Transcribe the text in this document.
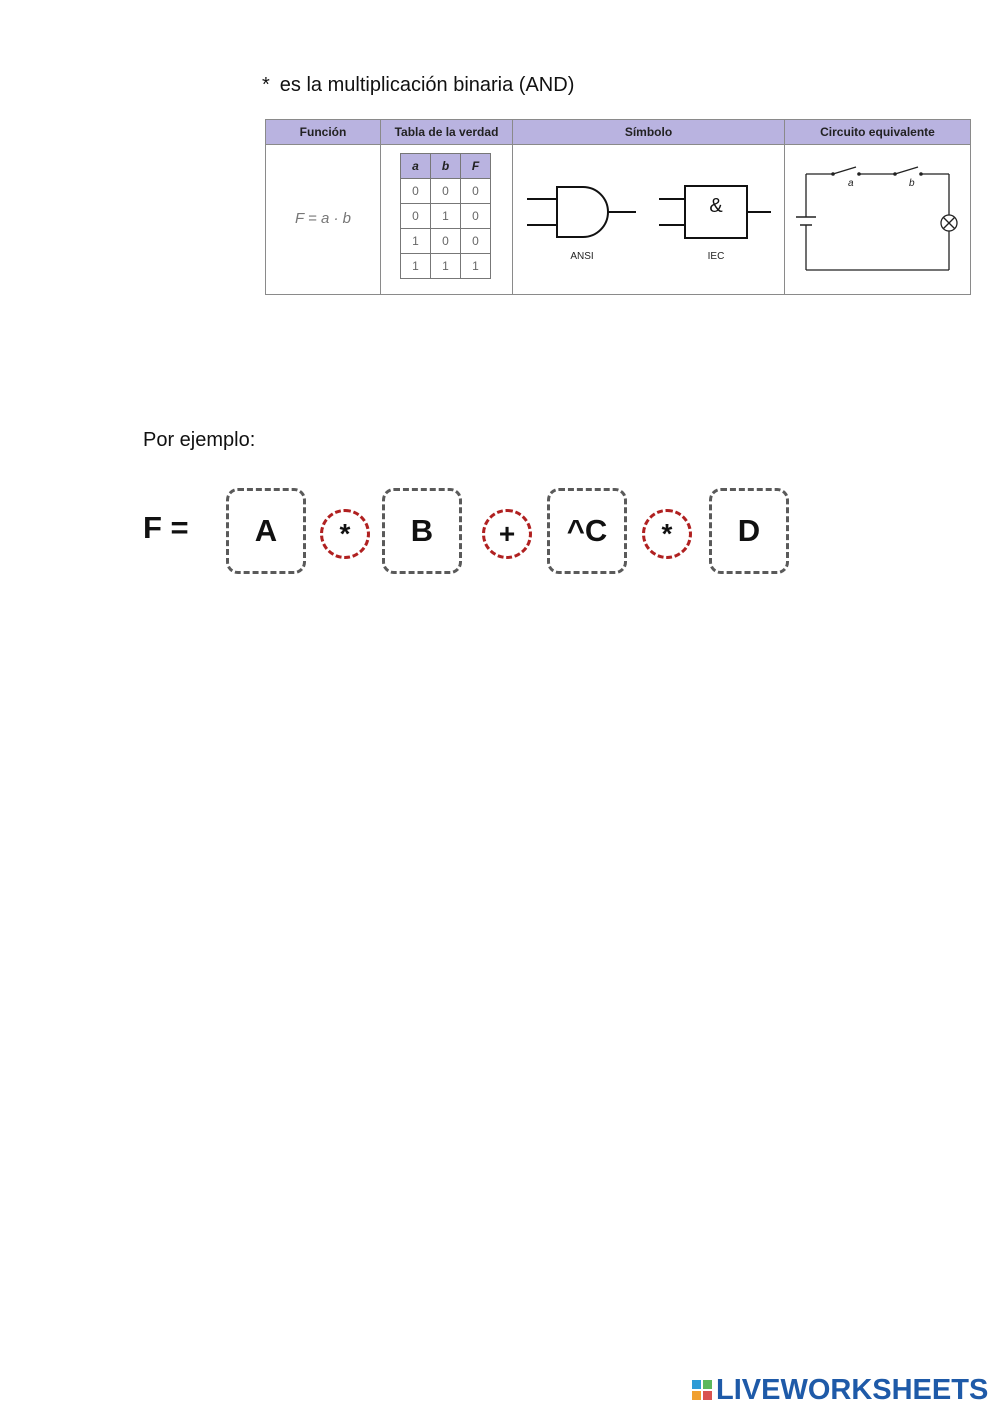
* es la multiplicación binaria (AND)
Función	Tabla de la verdad	Símbolo	Circuito equivalente
F = a · b
a	b	F
0	0	0
0	1	0
1	0	0
1	1	1
ANSI
&
IEC
a	b
Por ejemplo:
F =	A	*	B	+	^C	*	D
LIVEWORKSHEETS
